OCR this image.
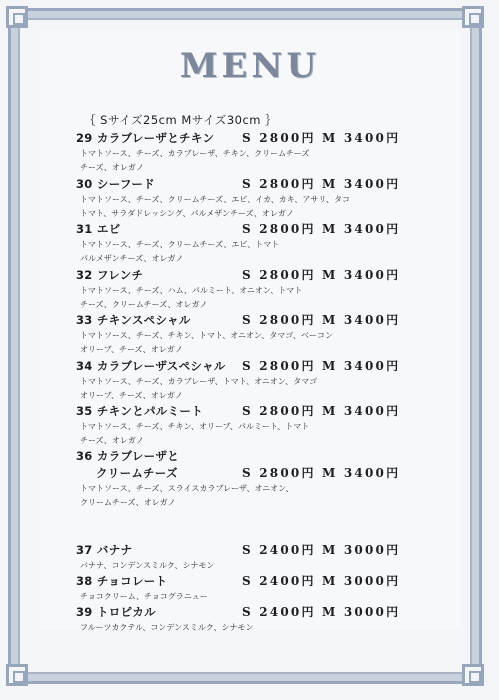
MENU
｛ Sサイズ25cm Mサイズ30cm ｝
29 カラブレーザとチキン	S 2800円 M 3400円
トマトソース、チーズ、カラブレーザ、チキン、クリームチーズ
チーズ、オレガノ
30 シーフード	S 2800円 M 3400円
トマトソース、チーズ、クリームチーズ、エビ、イカ、カキ、アサリ、タコ
トマト、サラダドレッシング、パルメザンチーズ、オレガノ
31 エビ	S 2800円 M 3400円
トマトソース、チーズ、クリームチーズ、エビ、トマト
パルメザンチーズ、オレガノ
32 フレンチ	S 2800円 M 3400円
トマトソース、チーズ、ハム、パルミート、オニオン、トマト
チーズ、クリームチーズ、オレガノ
33 チキンスペシャル	S 2800円 M 3400円
トマトソース、チーズ、チキン、トマト、オニオン、タマゴ、ベーコン
オリーブ、チーズ、オレガノ
34 カラブレーザスペシャル	S 2800円 M 3400円
トマトソース、チーズ、カラブレーザ、トマト、オニオン、タマゴ
オリーブ、チーズ、オレガノ
35 チキンとパルミート	S 2800円 M 3400円
トマトソース、チーズ、チキン、オリーブ、パルミート、トマト
チーズ、オレガノ
36 カラブレーザと
クリームチーズ	S 2800円 M 3400円
トマトソース、チーズ、スライスカラブレーザ、オニオン、
クリームチーズ、オレガノ
37 バナナ	S 2400円 M 3000円
バナナ、コンデンスミルク、シナモン
38 チョコレート	S 2400円 M 3000円
チョコクリーム、チョコグラニュー
39 トロピカル	S 2400円 M 3000円
フルーツカクテル、コンデンスミルク、シナモン
